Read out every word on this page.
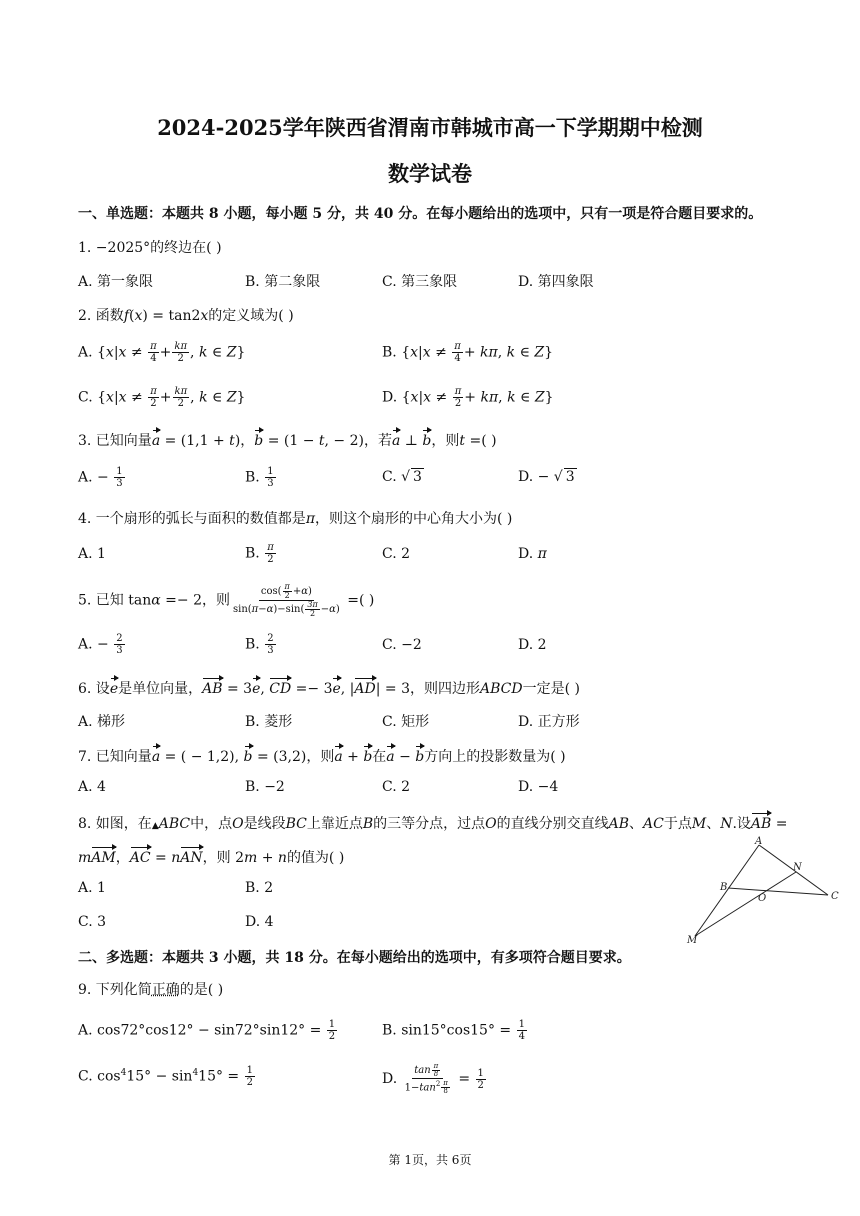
2024-2025学年陕西省渭南市韩城市高一下学期期中检测
数学试卷
一、单选题：本题共 8 小题，每小题 5 分，共 40 分。在每小题给出的选项中，只有一项是符合题目要求的。
1. −2025°的终边在( )
A. 第一象限	B. 第二象限	C. 第三象限	D. 第四象限
2. 函数f(x) = tan2x的定义域为( )
A. {$x|x \ne \frac{\pi}{4} + \frac{k\pi}{2}$ , k ∈ Z}	B. {$x|x \ne \frac{\pi}{4} + k\pi$, k ∈ Z}
C. {$x|x \ne \frac{\pi}{2} + \frac{k\pi}{2}$ , k ∈ Z}	D. {$x|x \ne \frac{\pi}{2} + k\pi$, k ∈ Z}
3. 已知向量a = (1,1 + t)，b = (1 − t, − 2)，若a ⊥ b，则t =( )
A. − $\frac{1}{3}$	B. $\frac{1}{3}$	C. √ 3	D. − √ 3
4. 一个扇形的弧长与面积的数值都是π，则这个扇形的中心角大小为( )
A. 1	B. $\frac{\pi}{2}$	C. 2	D. π
5. 已知 tanα =− 2，则 $\frac{\cos( \frac{\pi}{2} +\alpha)}{\sin(\pi-\alpha)-\sin( \frac{3\pi}{2} -\alpha)}$ =( )
A. − $\frac{2}{3}$	B. $\frac{2}{3}$	C. −2	D. 2
6. 设e是单位向量，AB = 3e, CD =− 3e, |AD| = 3，则四边形ABCD一定是( )
A. 梯形	B. 菱形	C. 矩形	D. 正方形
7. 已知向量a = ( − 1,2), b = (3,2)，则a + b在a − b方向上的投影数量为( )
A. 4	B. −2	C. 2	D. −4
8. 如图，在▲ABC中，点O是线段BC上靠近点B的三等分点，过点O的直线分别交直线AB、AC于点M、N.设AB =
mAM，AC = nAN，则 2m + n的值为( )
A. 1	B. 2
C. 3	D. 4
A
N
B
O	C
M
二、多选题：本题共 3 小题，共 18 分。在每小题给出的选项中，有多项符合题目要求。
9. 下列化简正确的是( )
A. $\cos 72^\circ\cos 12^\circ - \sin 72^\circ\sin 12^\circ = \frac{1}{2}$	B. $\sin 15^\circ\cos 15^\circ = \frac{1}{4}$
C. $\cos^415^\circ - \sin^415^\circ = \frac{1}{2}$	D. $\frac{\tan \frac{\pi}{8}}{1-\tan^2 \frac{\pi}{8}} = \frac{1}{2}$
第 1页，共 6页
